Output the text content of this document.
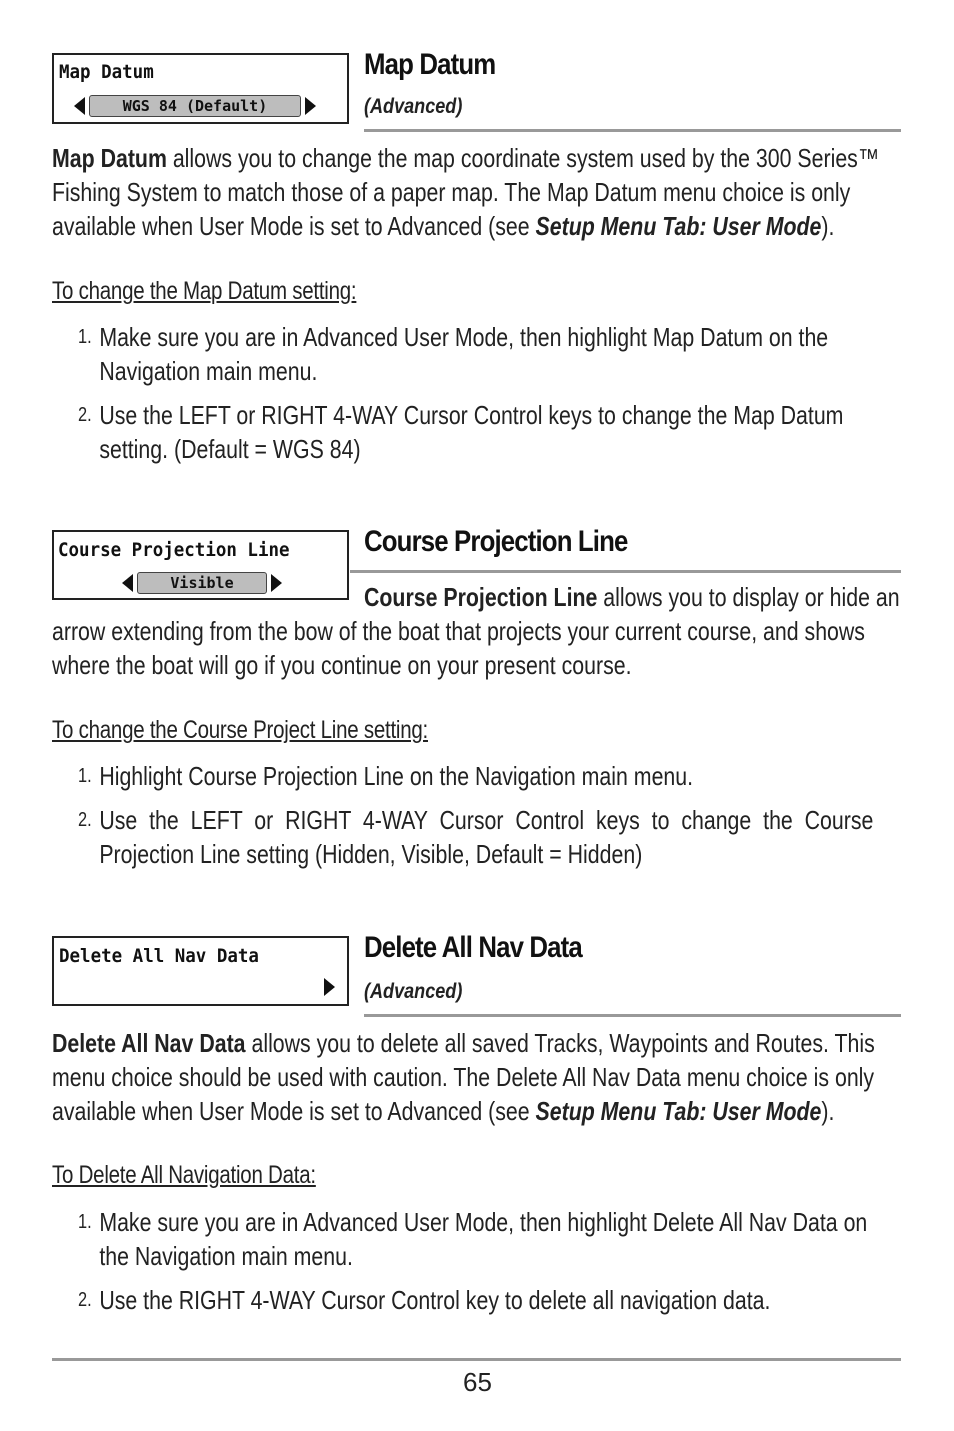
Map Datum
WGS 84 (Default)
Map Datum
(Advanced)
Map Datum allows you to change the map coordinate system used by the 300 Series™ Fishing System to match those of a paper map. The Map Datum menu choice is only available when User Mode is set to Advanced (see Setup Menu Tab: User Mode).
To change the Map Datum setting:
1. Make sure you are in Advanced User Mode, then highlight Map Datum on the Navigation main menu.
2. Use the LEFT or RIGHT 4-WAY Cursor Control keys to change the Map Datum setting. (Default = WGS 84)
Course Projection Line
Visible
Course Projection Line
Course Projection Line allows you to display or hide an
arrow extending from the bow of the boat that projects your current course, and shows where the boat will go if you continue on your present course.
To change the Course Project Line setting:
1. Highlight Course Projection Line on the Navigation main menu.
2. Use the LEFT or RIGHT 4-WAY Cursor Control keys to change the Course Projection Line setting (Hidden, Visible, Default = Hidden)
Delete All Nav Data	Delete All Nav Data
(Advanced)
Delete All Nav Data allows you to delete all saved Tracks, Waypoints and Routes. This menu choice should be used with caution. The Delete All Nav Data menu choice is only available when User Mode is set to Advanced (see Setup Menu Tab: User Mode).
To Delete All Navigation Data:
1. Make sure you are in Advanced User Mode, then highlight Delete All Nav Data on the Navigation main menu.
2. Use the RIGHT 4-WAY Cursor Control key to delete all navigation data.
65
